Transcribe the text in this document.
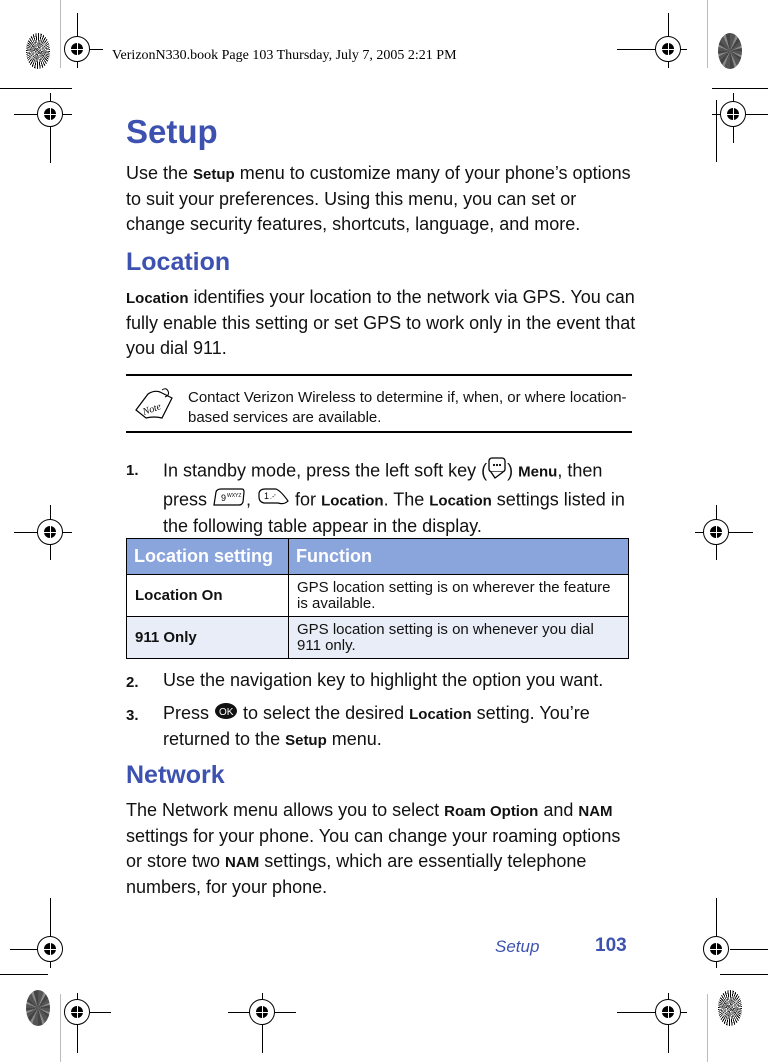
VerizonN330.book Page 103 Thursday, July 7, 2005 2:21 PM
Setup

Use the Setup menu to customize many of your phone’s options to suit your preferences. Using this menu, you can set or change security features, shortcuts, language, and more.

Location

Location identifies your location to the network via GPS. You can fully enable this setting or set GPS to work only in the event that you dial 911.

Note
Contact Verizon Wireless to determine if, when, or where location-based services are available.
1. In standby mode, press the left soft key ( ) Menu, then press 9 WXYZ , 1 .-' for Location. The Location settings listed in the following table appear in the display.
Location setting	Function
Location On	GPS location setting is on wherever the feature is available.
911 Only	GPS location setting is on whenever you dial 911 only.
2. Use the navigation key to highlight the option you want.
3. Press OK to select the desired Location setting. You’re returned to the Setup menu.
Network

The Network menu allows you to select Roam Option and NAM settings for your phone. You can change your roaming options or store two NAM settings, which are essentially telephone numbers, for your phone.

Setup	103
